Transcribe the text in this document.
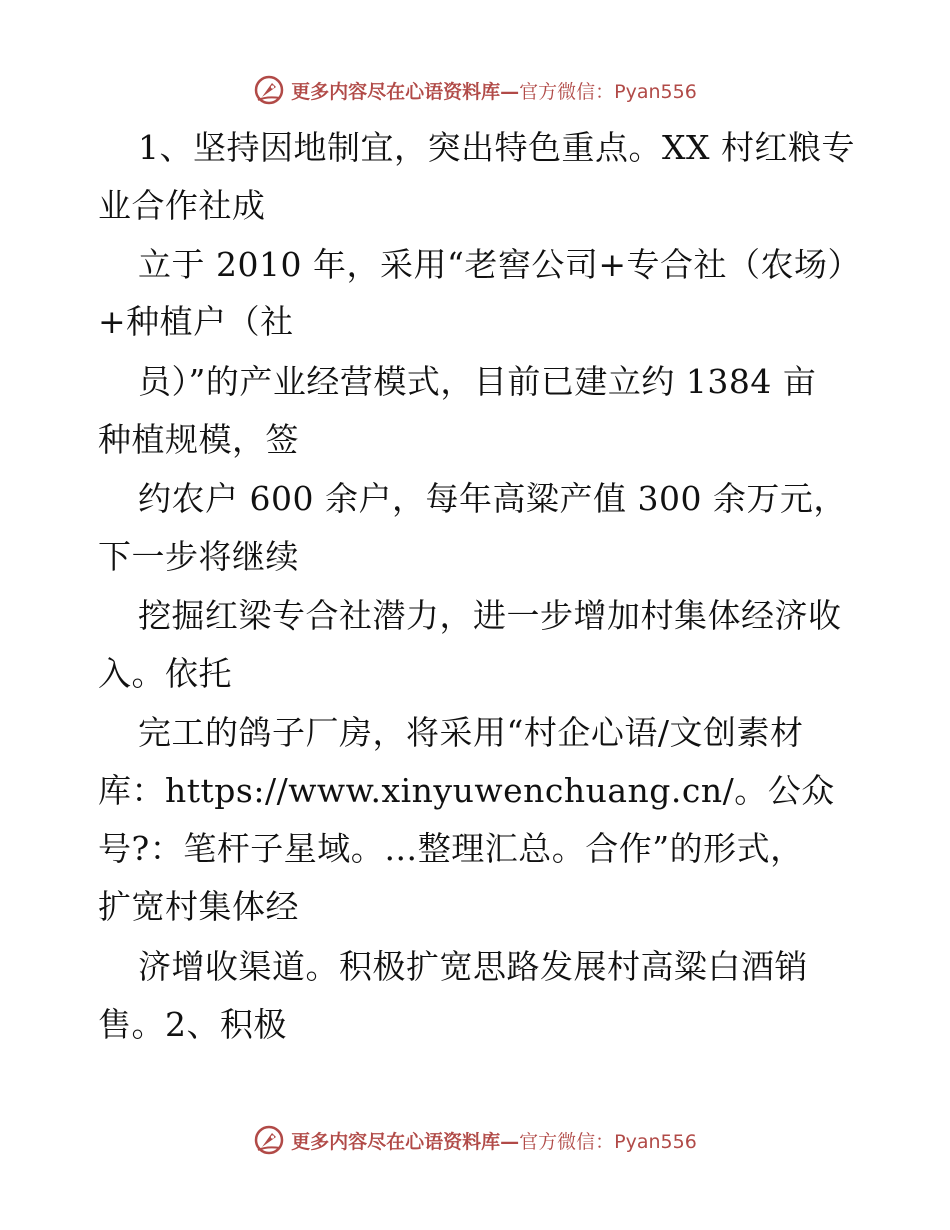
更多内容尽在心语资料库— 官方微信：Pyan556
1、坚持因地制宜，突出特色重点。XX 村红粮专
业合作社成
立于 2010 年，采用“老窖公司+专合社（农场）
+种植户（社
员）”的产业经营模式，目前已建立约 1384 亩
种植规模，签
约农户 600 余户，每年高粱产值 300 余万元，
下一步将继续
挖掘红梁专合社潜力，进一步增加村集体经济收
入。依托
完工的鸽子厂房，将采用“村企心语/文创素材
库：https://www.xinyuwenchuang.cn/。公众
号?：笔杆子星域。…整理汇总。合作”的形式，
扩宽村集体经
济增收渠道。积极扩宽思路发展村高粱白酒销
售。2、积极
更多内容尽在心语资料库— 官方微信：Pyan556
